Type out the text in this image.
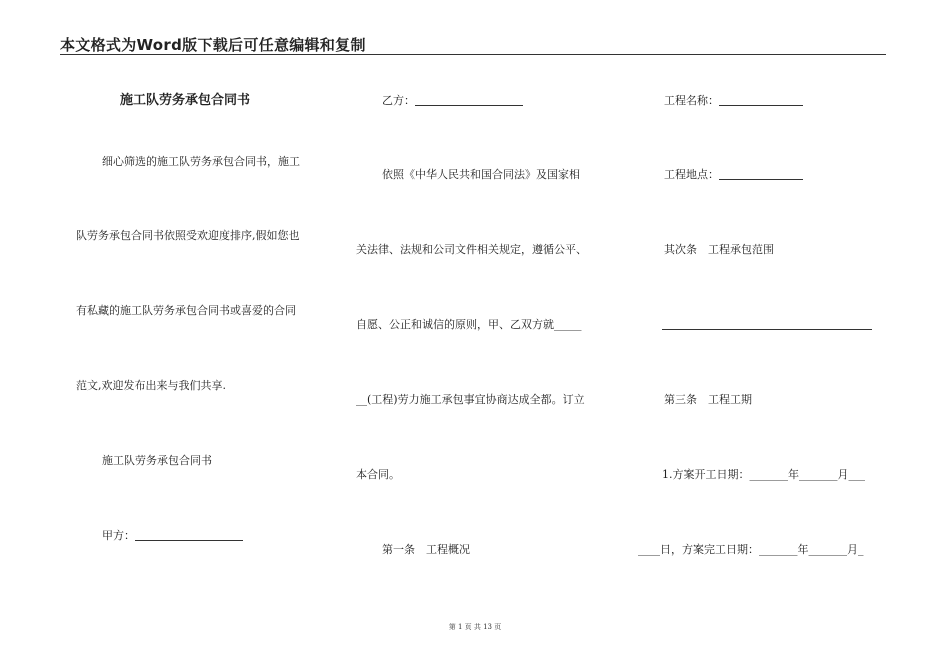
本文格式为Word版下载后可任意编辑和复制
施工队劳务承包合同书
细心筛选的施工队劳务承包合同书，施工
队劳务承包合同书依照受欢迎度排序,假如您也
有私藏的施工队劳务承包合同书或喜爱的合同
范文,欢迎发布出来与我们共享.
施工队劳务承包合同书
甲方：
乙方：
依照《中华人民共和国合同法》及国家相
关法律、法规和公司文件相关规定，遵循公平、
自愿、公正和诚信的原则，甲、乙双方就_____
__(工程)劳力施工承包事宜协商达成全都。订立
本合同。
第一条　工程概况
工程名称：
工程地点：
其次条　工程承包范围
第三条　工程工期
1.方案开工日期：_______年_______月___
____日，方案完工日期：_______年_______月_
第 1 页 共 13 页
